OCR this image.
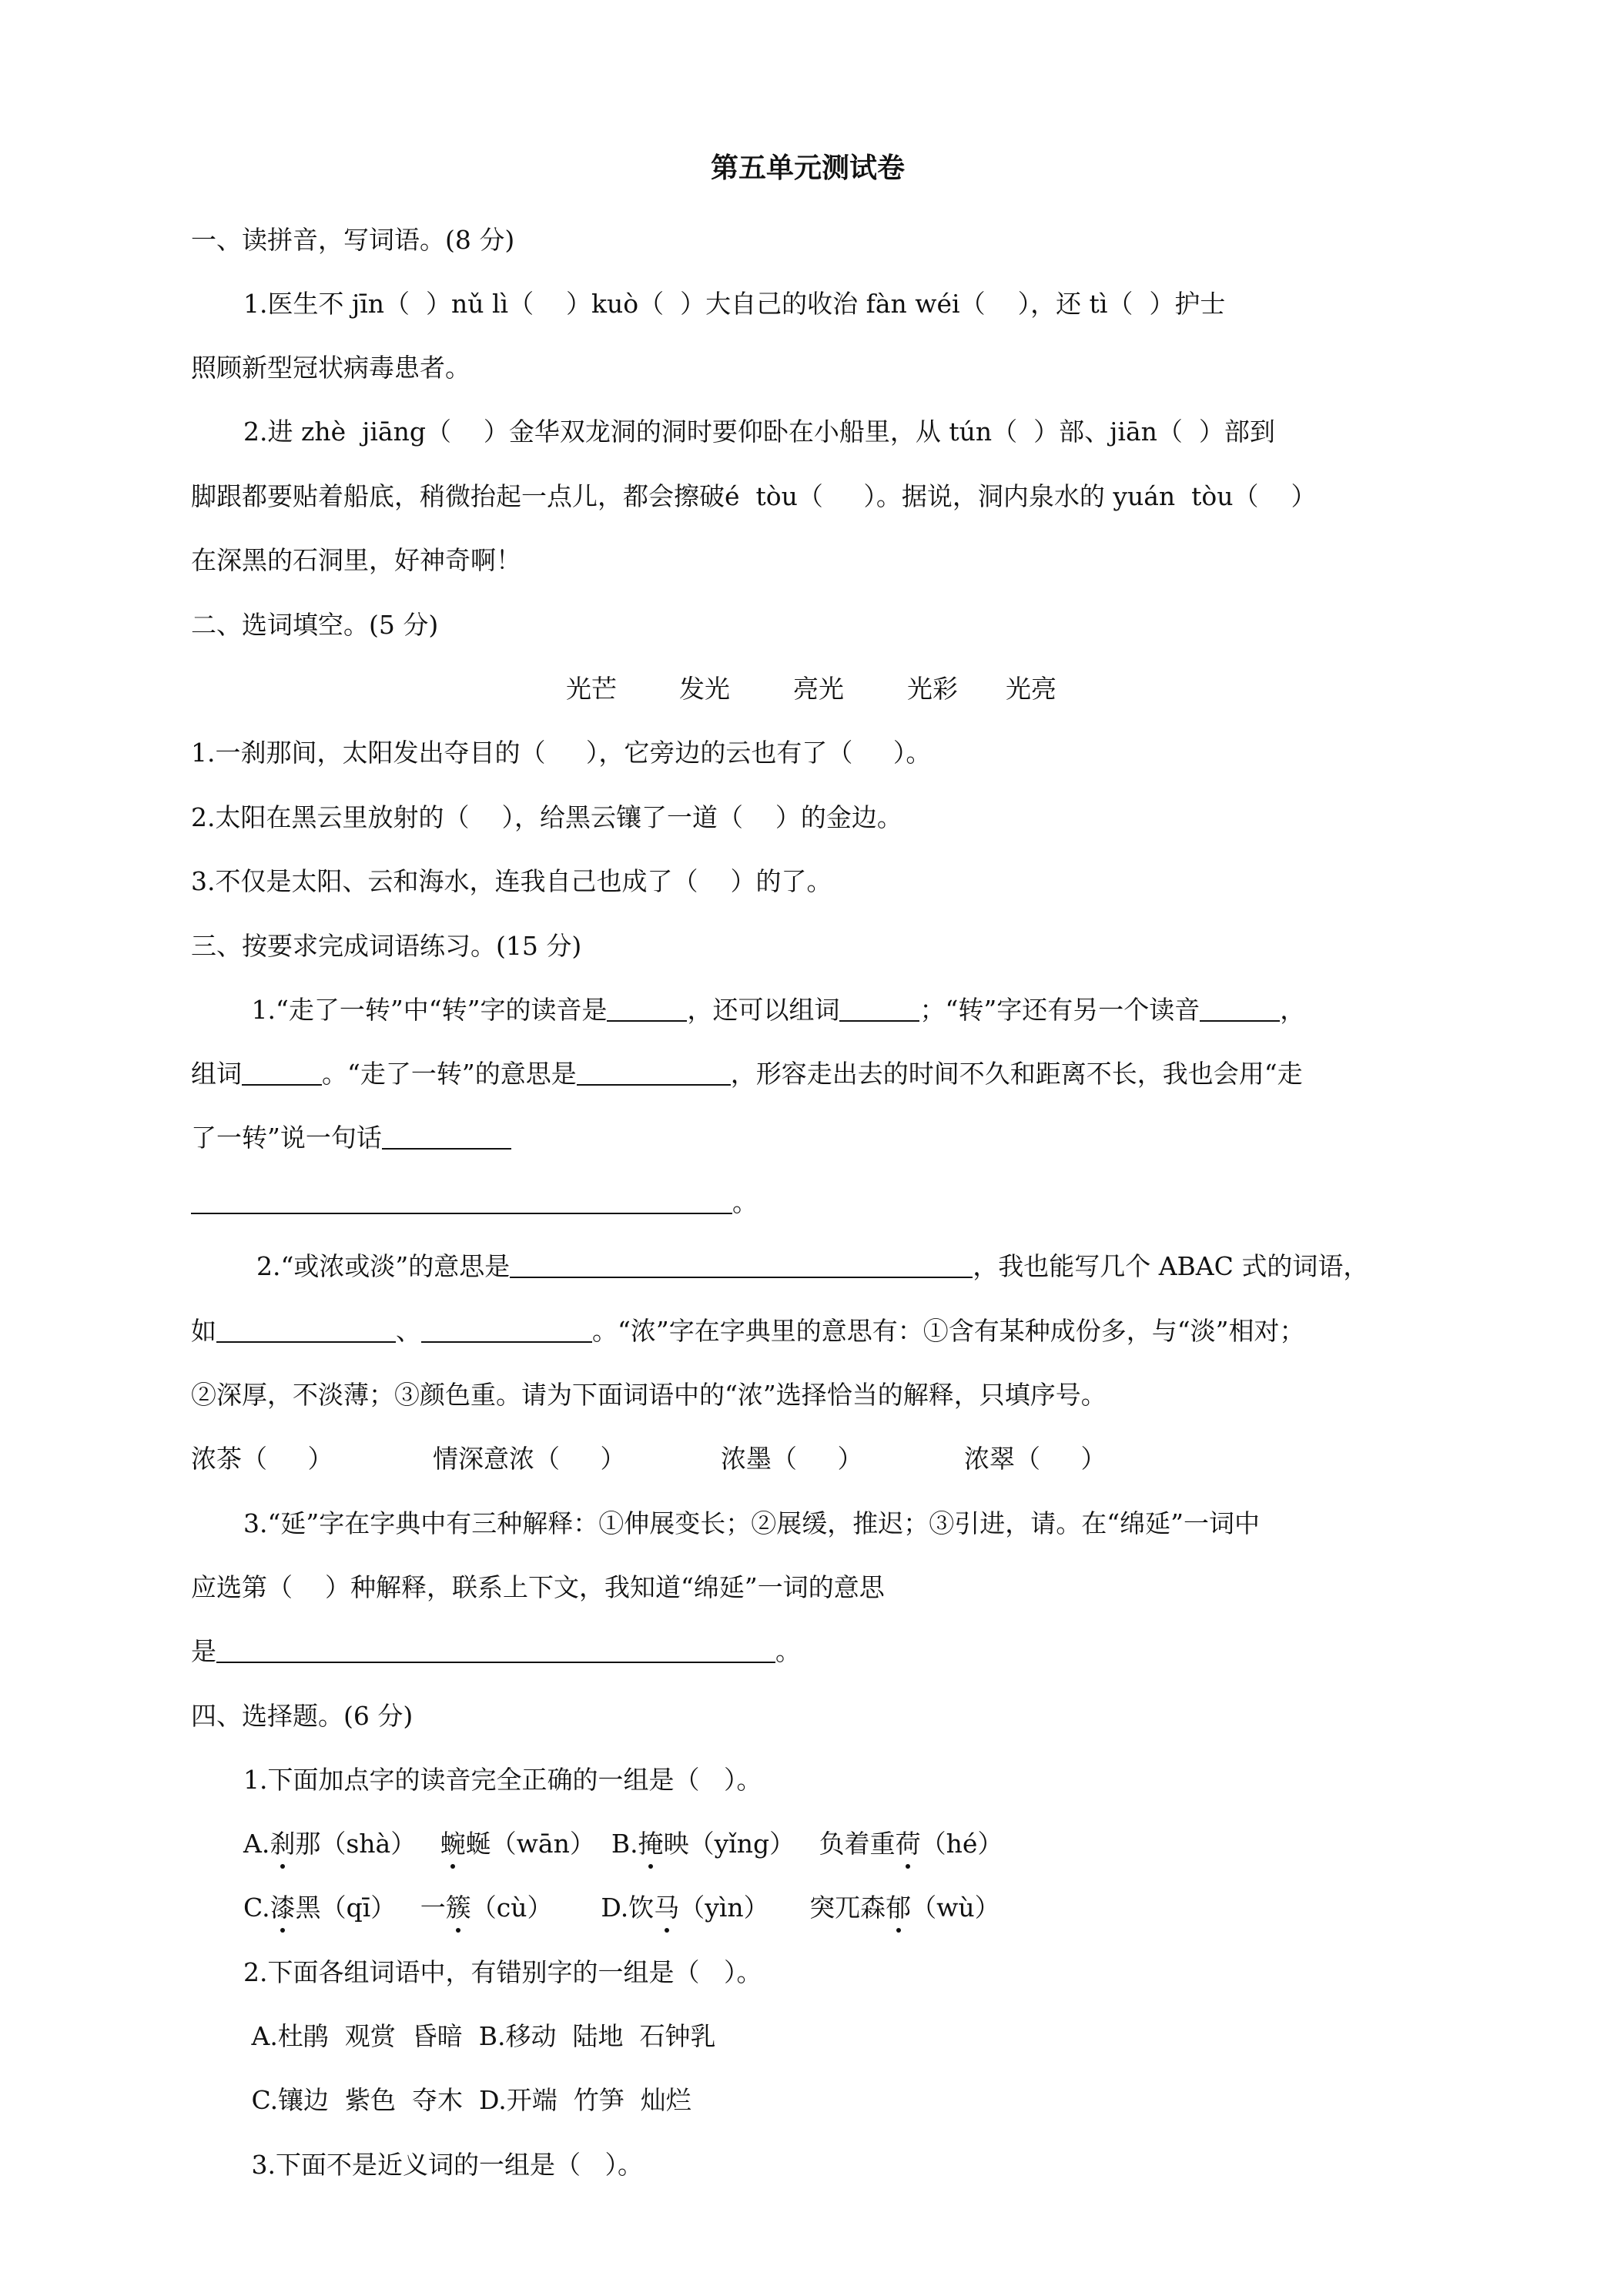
第五单元测试卷
一、读拼音，写词语。(8 分)
1.医生不 jīn（  ）nǔ lì（    ）kuò（  ）大自己的收治 fàn wéi（    ），还 tì（  ）护士
照顾新型冠状病毒患者。
2.进 zhè  jiāng（    ）金华双龙洞的洞时要仰卧在小船里，从 tún（  ）部、jiān（  ）部到
脚跟都要贴着船底，稍微抬起一点儿，都会擦破é  tòu（     ）。据说，洞内泉水的 yuán  tòu（    ）
在深黑的石洞里，好神奇啊！
二、选词填空。(5 分)
光芒 发光 亮光 光彩 光亮
1.一刹那间，太阳发出夺目的（     ），它旁边的云也有了（     ）。
2.太阳在黑云里放射的（    ），给黑云镶了一道（    ）的金边。
3.不仅是太阳、云和海水，连我自己也成了（    ）的了。
三、按要求完成词语练习。(15 分)
1.“走了一转”中“转”字的读音是	，还可以组词	；“转”字还有另一个读音	，
组词	。“走了一转”的意思是	，形容走出去的时间不久和距离不长，我也会用“走
了一转”说一句话
。
2.“或浓或淡”的意思是	，我也能写几个 ABAC 式的词语，
如	、	。“浓”字在字典里的意思有：①含有某种成份多，与“淡”相对；
②深厚，不淡薄；③颜色重。请为下面词语中的“浓”选择恰当的解释，只填序号。
浓茶（     ）	情深意浓（     ）	浓墨（     ）	浓翠（     ）
3.“延”字在字典中有三种解释：①伸展变长；②展缓，推迟；③引进，请。在“绵延”一词中
应选第（    ）种解释，联系上下文，我知道“绵延”一词的意思
是	。
四、选择题。(6 分)
1.下面加点字的读音完全正确的一组是（   ）。
A.刹那（shà）   蜿蜒（wān）  B.掩映（yǐng）   负着重荷（hé）
C.漆黑（qī）   一簇（cù）      D.饮马（yìn）     突兀森郁（wù）
2.下面各组词语中，有错别字的一组是（   ）。
A.杜鹃  观赏  昏暗  B.移动  陆地  石钟乳
C.镶边  紫色  夺木  D.开端  竹笋  灿烂
3.下面不是近义词的一组是（   ）。
